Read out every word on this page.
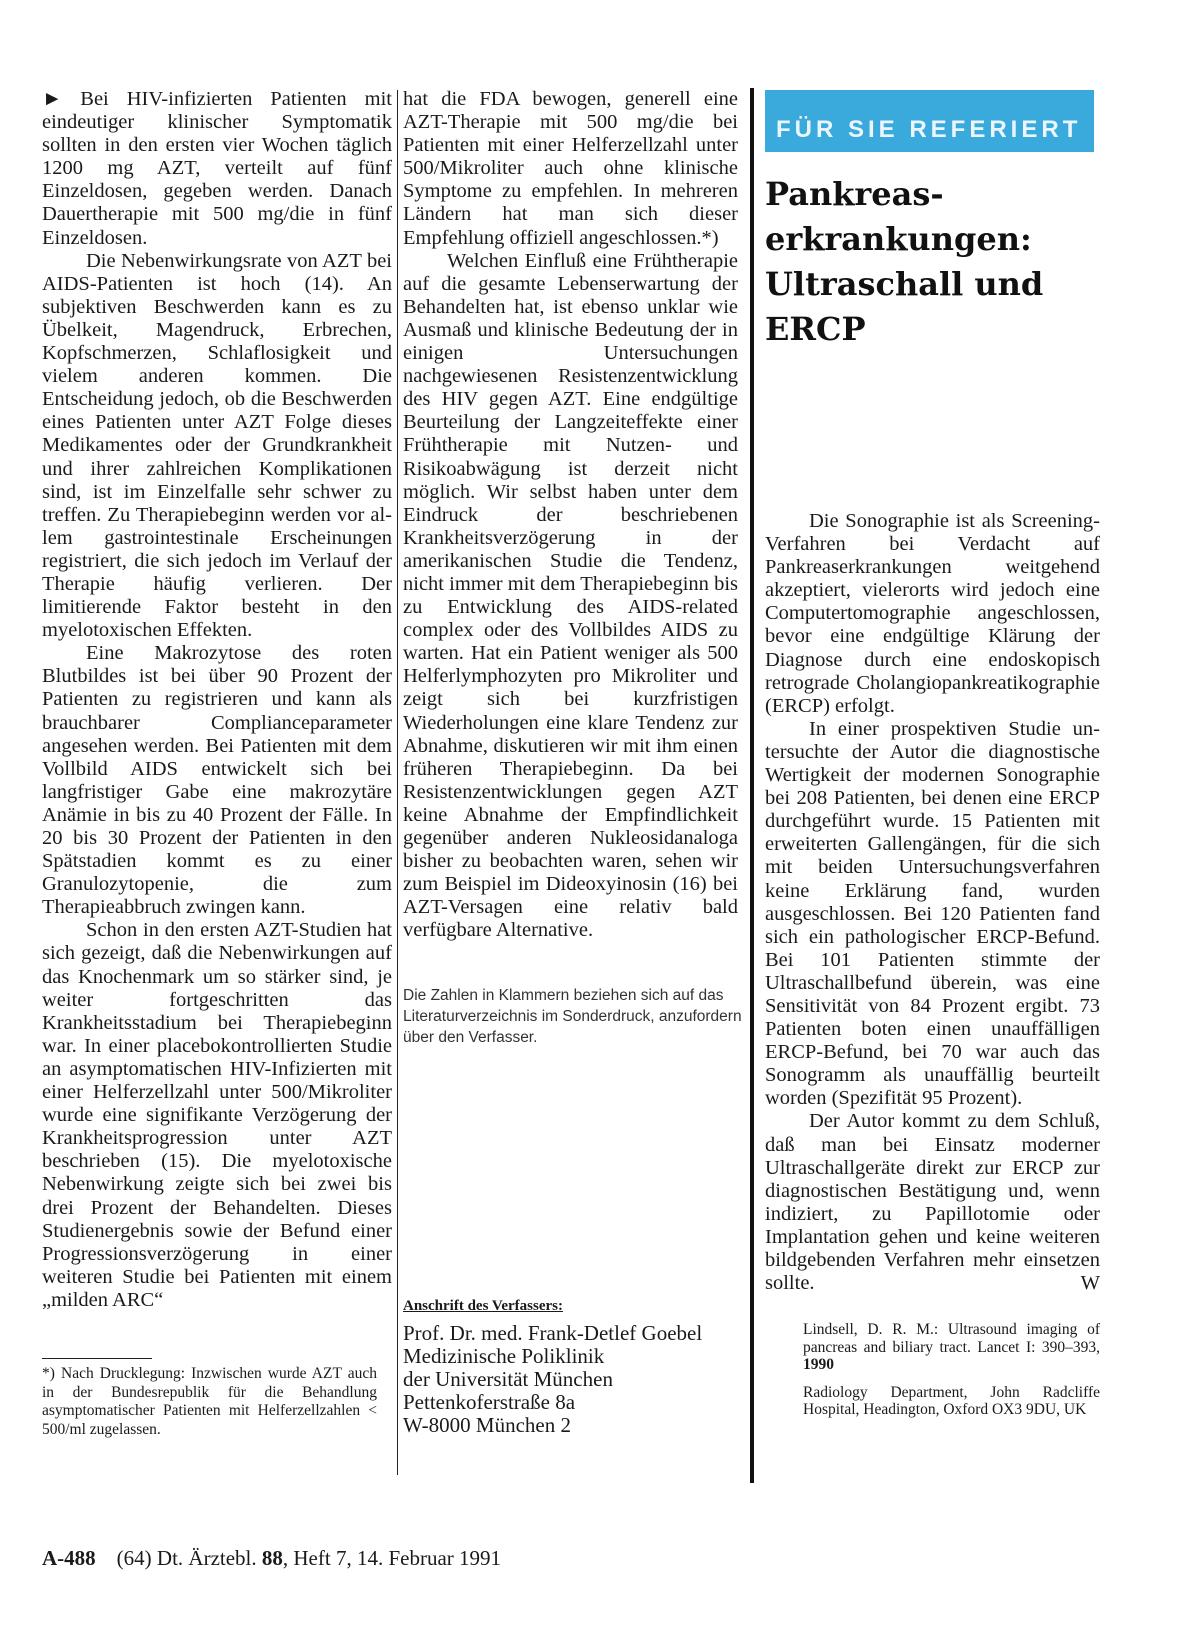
► Bei HIV-infizierten Patienten mit eindeutiger klinischer Symptomatik sollten in den ersten vier Wochen täglich 1200 mg AZT, verteilt auf fünf Einzeldosen, gegeben werden. Danach Dauertherapie mit 500 mg/die in fünf Einzeldosen.

Die Nebenwirkungsrate von AZT bei AIDS-Patienten ist hoch (14). An subjektiven Beschwerden kann es zu Übelkeit, Magendruck, Erbrechen, Kopfschmerzen, Schlaflosigkeit und vielem anderen kommen. Die Entscheidung jedoch, ob die Beschwerden eines Patienten unter AZT Folge dieses Medikamentes oder der Grundkrankheit und ihrer zahlreichen Komplikationen sind, ist im Einzelfalle sehr schwer zu treffen. Zu Therapiebeginn werden vor allem gastrointestinale Erscheinungen registriert, die sich jedoch im Verlauf der Therapie häufig verlieren. Der limitierende Faktor besteht in den myelotoxischen Effekten.

Eine Makrozytose des roten Blutbildes ist bei über 90 Prozent der Patienten zu registrieren und kann als brauchbarer Complianceparameter angesehen werden. Bei Patienten mit dem Vollbild AIDS entwickelt sich bei langfristiger Gabe eine makrozytäre Anämie in bis zu 40 Prozent der Fälle. In 20 bis 30 Prozent der Patienten in den Spätstadien kommt es zu einer Granulozytopenie, die zum Therapieabbruch zwingen kann.

Schon in den ersten AZT-Studien hat sich gezeigt, daß die Nebenwirkungen auf das Knochenmark um so stärker sind, je weiter fortgeschritten das Krankheitsstadium bei Therapiebeginn war. In einer placebokontrollierten Studie an asymptomatischen HIV-Infizierten mit einer Helferzellzahl unter 500/Mikroliter wurde eine signifikante Verzögerung der Krankheitsprogression unter AZT beschrieben (15). Die myelotoxische Nebenwirkung zeigte sich bei zwei bis drei Prozent der Behandelten. Dieses Studienergebnis sowie der Befund einer Progressionsverzögerung in einer weiteren Studie bei Patienten mit einem „milden ARC“

*) Nach Drucklegung: Inzwischen wurde AZT auch in der Bundesrepublik für die Behandlung asymptomatischer Patienten mit Helferzellzahlen < 500/ml zugelassen.

hat die FDA bewogen, generell eine AZT-Therapie mit 500 mg/die bei Patienten mit einer Helferzellzahl unter 500/Mikroliter auch ohne klinische Symptome zu empfehlen. In mehreren Ländern hat man sich dieser Empfehlung offiziell angeschlossen.*)

Welchen Einfluß eine Frühtherapie auf die gesamte Lebenserwartung der Behandelten hat, ist ebenso unklar wie Ausmaß und klinische Bedeutung der in einigen Untersuchungen nachgewiesenen Resistenzentwicklung des HIV gegen AZT. Eine endgültige Beurteilung der Langzeiteffekte einer Frühtherapie mit Nutzen- und Risikoabwägung ist derzeit nicht möglich. Wir selbst haben unter dem Eindruck der beschriebenen Krankheitsverzögerung in der amerikanischen Studie die Tendenz, nicht immer mit dem Therapiebeginn bis zu Entwicklung des AIDS-related complex oder des Vollbildes AIDS zu warten. Hat ein Patient weniger als 500 Helferlymphozyten pro Mikroliter und zeigt sich bei kurzfristigen Wiederholungen eine klare Tendenz zur Abnahme, diskutieren wir mit ihm einen früheren Therapiebeginn. Da bei Resistenzentwicklungen gegen AZT keine Abnahme der Empfindlichkeit gegenüber anderen Nukleosidanaloga bisher zu beobachten waren, sehen wir zum Beispiel im Dideoxyinosin (16) bei AZT-Versagen eine relativ bald verfügbare Alternative.

Die Zahlen in Klammern beziehen sich auf das Literaturverzeichnis im Sonderdruck, anzufordern über den Verfasser.
Anschrift des Verfassers:
Prof. Dr. med. Frank-Detlef Goebel
Medizinische Poliklinik
der Universität München
Pettenkoferstraße 8a
W-8000 München 2
FÜR SIE REFERIERT
Pankreas-
erkrankungen:
Ultraschall und
ERCP

Die Sonographie ist als Screening-Verfahren bei Verdacht auf Pankreaserkrankungen weitgehend akzeptiert, vielerorts wird jedoch eine Computertomographie angeschlossen, bevor eine endgültige Klärung der Diagnose durch eine endoskopisch retrograde Cholangiopankreatikographie (ERCP) erfolgt.

In einer prospektiven Studie untersuchte der Autor die diagnostische Wertigkeit der modernen Sonographie bei 208 Patienten, bei denen eine ERCP durchgeführt wurde. 15 Patienten mit erweiterten Gallengängen, für die sich mit beiden Untersuchungsverfahren keine Erklärung fand, wurden ausgeschlossen. Bei 120 Patienten fand sich ein pathologischer ERCP-Befund. Bei 101 Patienten stimmte der Ultraschallbefund überein, was eine Sensitivität von 84 Prozent ergibt. 73 Patienten boten einen unauffälligen ERCP-Befund, bei 70 war auch das Sonogramm als unauffällig beurteilt worden (Spezifität 95 Prozent).

Der Autor kommt zu dem Schluß, daß man bei Einsatz moderner Ultraschallgeräte direkt zur ERCP zur diagnostischen Bestätigung und, wenn indiziert, zu Papillotomie oder Implantation gehen und keine weiteren bildgebenden Verfahren mehr einsetzen sollte.	W

Lindsell, D. R. M.: Ultrasound imaging of pancreas and biliary tract. Lancet I: 390–393, 1990

Radiology Department, John Radcliffe Hospital, Headington, Oxford OX3 9DU, UK

A-488 (64) Dt. Ärztebl. 88, Heft 7, 14. Februar 1991
